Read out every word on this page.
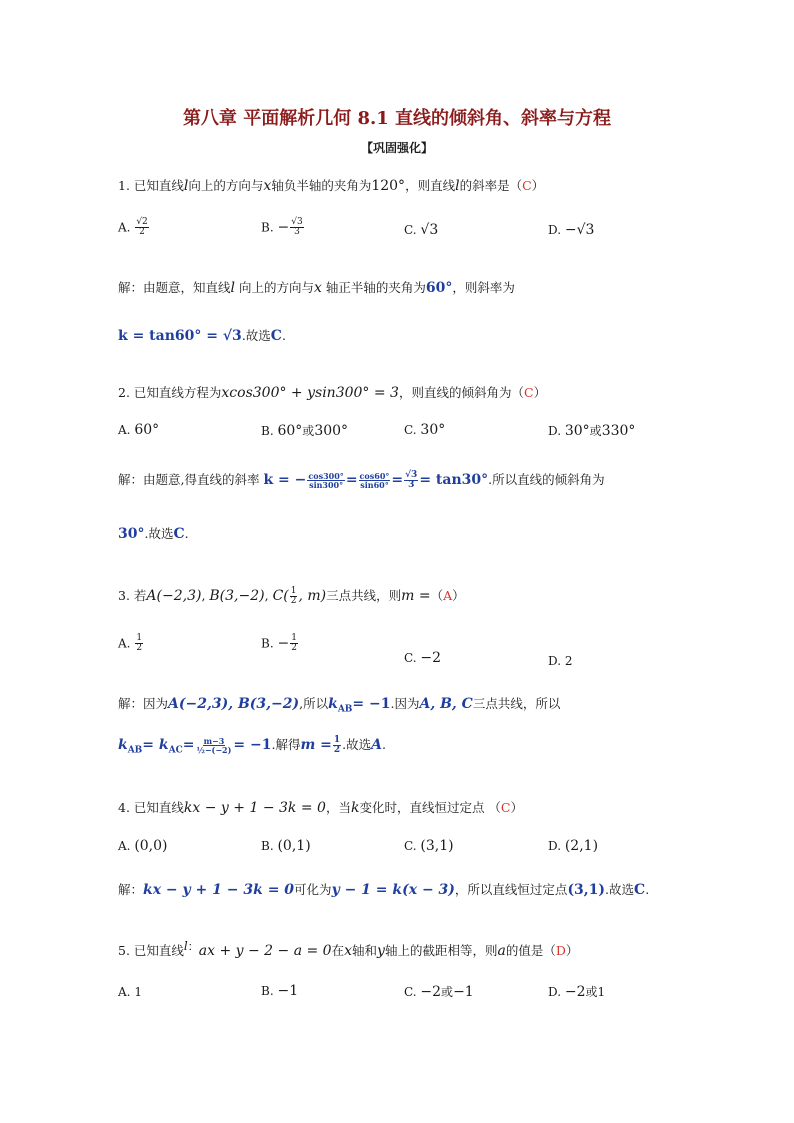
第八章 平面解析几何 8.1 直线的倾斜角、斜率与方程
【巩固强化】
1. 已知直线l向上的方向与x轴负半轴的夹角为120°，则直线l的斜率是（C）
A. $\frac{√2}{2}$	B. − $\frac{√3}{3}$	C. √3	D. −√3
解：由题意，知直线l 向上的方向与x 轴正半轴的夹角为60°，则斜率为
k = tan60° = √3.故选C.
2. 已知直线方程为xcos300° + ysin300° = 3，则直线的倾斜角为（C）
A. 60°	B. 60°或300°	C. 30°	D. 30°或330°
解：由题意,得直线的斜率 k = − $\frac{\cos 300^\circ}{\sin 300^\circ} = \frac{\cos 60^\circ}{\sin 60^\circ} = \frac{√3}{3} = \tan 30^\circ$.所以直线的倾斜角为
30°.故选C.
3. 若A(−2,3), B(3,−2), $C( \frac{1}{2}$ , m)三点共线，则m =（A）
A. $\frac{1}{2}$	B. − $\frac{1}{2}$
C. −2	D. 2
解：因为A(−2,3), B(3,−2),所以$k_{AB}= -1$.因为A, B, C三点共线，所以
$k_{AB}= k_{AC}= \frac{m-3}{\text{½−(−2)}} = -1$.解得$m = \frac{1}{2}$ .故选A.
4. 已知直线kx − y + 1 − 3k = 0，当k变化时，直线恒过定点 （C）
A. (0,0)	B. (0,1)	C. (3,1)	D. (2,1)
解：kx − y + 1 − 3k = 0可化为y − 1 = k(x − 3)，所以直线恒过定点(3,1).故选C.
5. 已知直线$^{l:}$ax + y − 2 − a = 0在x轴和y轴上的截距相等，则a的值是（D）
A. 1	B. −1	C. −2或−1	D. −2或1
